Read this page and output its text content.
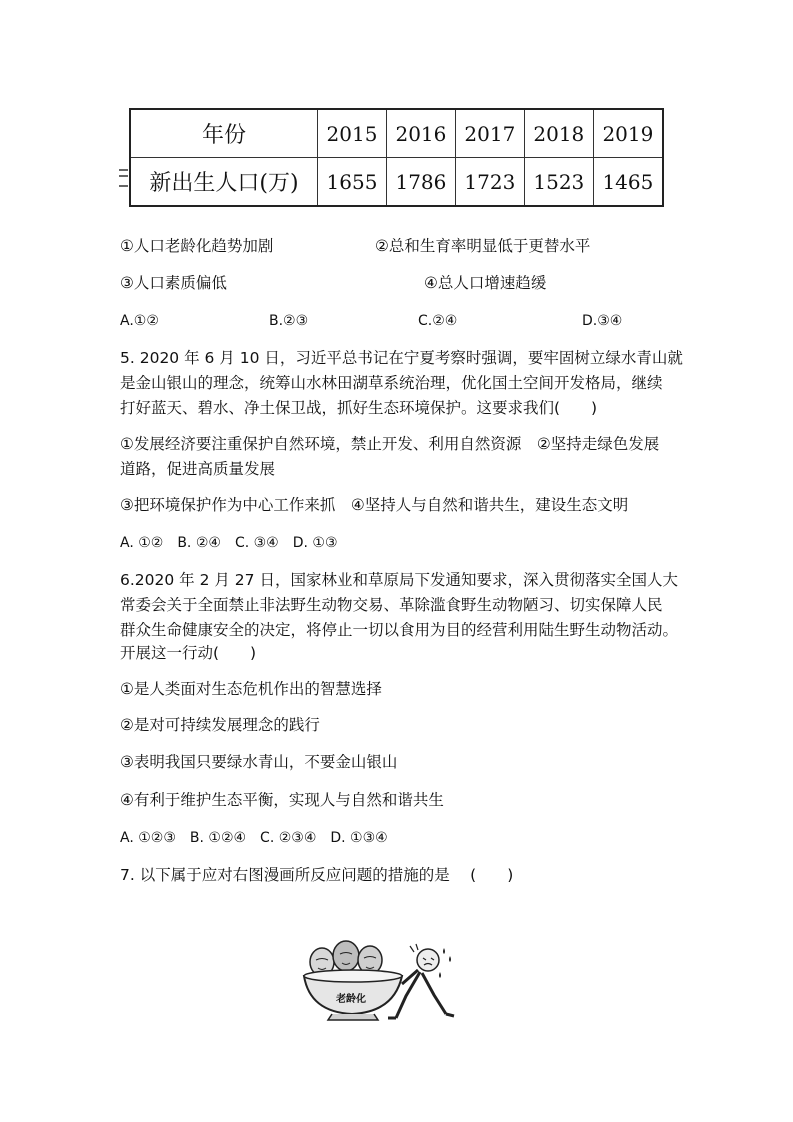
年份	2015	2016	2017	2018	2019
新出生人口(万)	1655	1786	1723	1523	1465
①人口老龄化趋势加剧	②总和生育率明显低于更替水平
③人口素质偏低	④总人口增速趋缓
A.①②	B.②③	C.②④	D.③④
5. 2020 年 6 月 10 日，习近平总书记在宁夏考察时强调，要牢固树立绿水青山就
是金山银山的理念，统筹山水林田湖草系统治理，优化国土空间开发格局，继续
打好蓝天、碧水、净土保卫战，抓好生态环境保护。这要求我们(　　)
①发展经济要注重保护自然环境，禁止开发、利用自然资源　②坚持走绿色发展
道路，促进高质量发展
③把环境保护作为中心工作来抓　④坚持人与自然和谐共生，建设生态文明
A. ①②　B. ②④　C. ③④　D. ①③
6.2020 年 2 月 27 日，国家林业和草原局下发通知要求，深入贯彻落实全国人大
常委会关于全面禁止非法野生动物交易、革除滥食野生动物陋习、切实保障人民
群众生命健康安全的决定，将停止一切以食用为目的经营利用陆生野生动物活动。
开展这一行动(　　)
①是人类面对生态危机作出的智慧选择
②是对可持续发展理念的践行
③表明我国只要绿水青山，不要金山银山
④有利于维护生态平衡，实现人与自然和谐共生
A. ①②③　B. ①②④　C. ②③④　D. ①③④
7. 以下属于应对右图漫画所反应问题的措施的是　 (　　)
老龄化
